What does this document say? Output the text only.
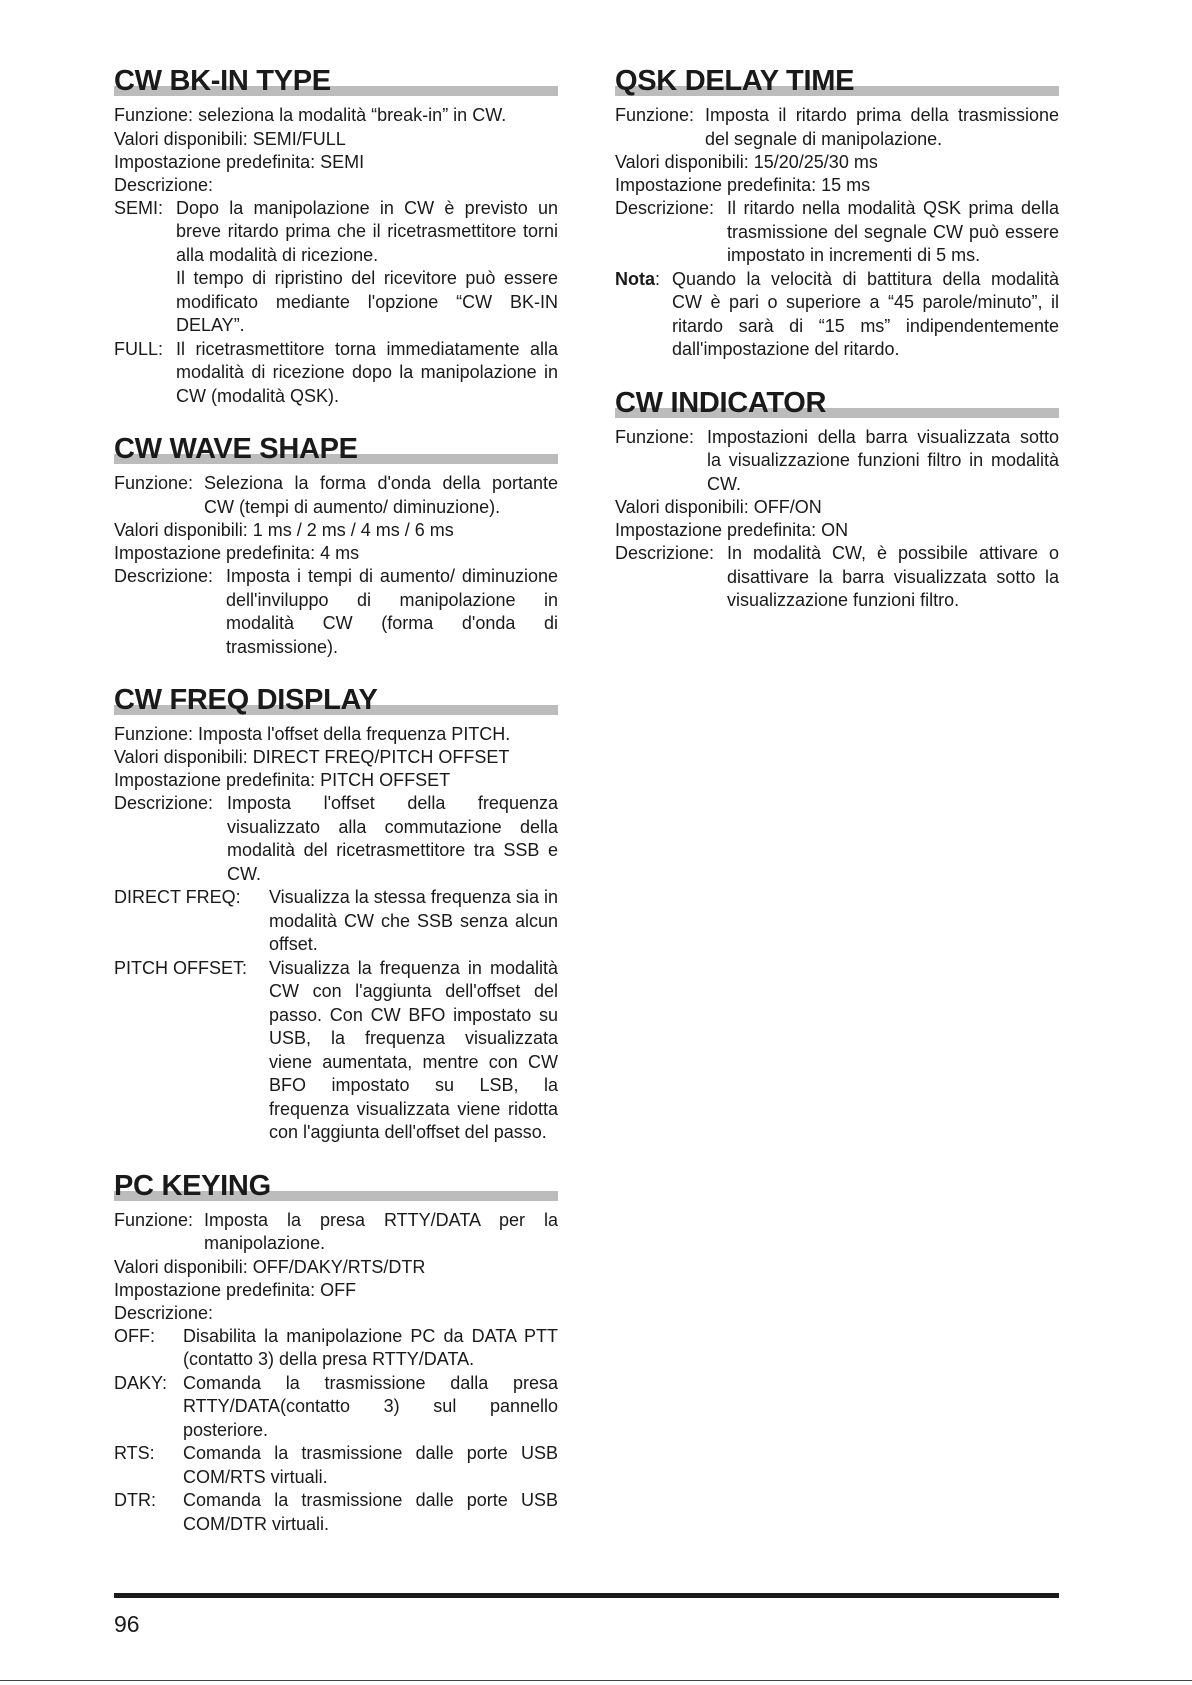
CW BK-IN TYPE
Funzione: seleziona la modalità “break-in” in CW.

Valori disponibili: SEMI/FULL

Impostazione predefinita: SEMI

Descrizione:

SEMI: Dopo la manipolazione in CW è previsto un breve ritardo prima che il ricetrasmettitore torni alla modalità di ricezione.
Il tempo di ripristino del ricevitore può essere modificato mediante l'opzione “CW BK-IN DELAY”.
FULL: Il ricetrasmettitore torna immediatamente alla modalità di ricezione dopo la manipolazione in CW (modalità QSK).
CW WAVE SHAPE
Funzione: Seleziona la forma d'onda della portante CW (tempi di aumento/ diminuzione).

Valori disponibili: 1 ms / 2 ms / 4 ms / 6 ms

Impostazione predefinita: 4 ms

Descrizione: Imposta i tempi di aumento/ diminuzione dell'inviluppo di manipolazione in modalità CW (forma d'onda di trasmissione).
CW FREQ DISPLAY

Funzione: Imposta l'offset della frequenza PITCH.

Valori disponibili: DIRECT FREQ/PITCH OFFSET

Impostazione predefinita: PITCH OFFSET

Descrizione: Imposta l'offset della frequenza visualizzato alla commutazione della modalità del ricetrasmettitore tra SSB e CW.
DIRECT FREQ:	Visualizza la stessa frequenza sia in modalità CW che SSB senza alcun offset.
PITCH OFFSET:	Visualizza la frequenza in modalità CW con l'aggiunta dell'offset del passo. Con CW BFO impostato su USB, la frequenza visualizzata viene aumentata, mentre con CW BFO impostato su LSB, la frequenza visualizzata viene ridotta con l'aggiunta dell'offset del passo.
PC KEYING
Funzione: Imposta la presa RTTY/DATA per la manipolazione.

Valori disponibili: OFF/DAKY/RTS/DTR

Impostazione predefinita: OFF

Descrizione:

OFF:	Disabilita la manipolazione PC da DATA PTT (contatto 3) della presa RTTY/DATA.
DAKY: Comanda la trasmissione dalla presa RTTY/DATA(contatto 3) sul pannello posteriore.
RTS:	Comanda la trasmissione dalle porte USB COM/RTS virtuali.
DTR:	Comanda la trasmissione dalle porte USB COM/DTR virtuali.
QSK DELAY TIME
Funzione: Imposta il ritardo prima della trasmissione del segnale di manipolazione.

Valori disponibili: 15/20/25/30 ms

Impostazione predefinita: 15 ms

Descrizione: Il ritardo nella modalità QSK prima della trasmissione del segnale CW può essere impostato in incrementi di 5 ms.
Nota: Quando la velocità di battitura della modalità CW è pari o superiore a “45 parole/minuto”, il ritardo sarà di “15 ms” indipendentemente dall'impostazione del ritardo.
CW INDICATOR
Funzione: Impostazioni della barra visualizzata sotto la visualizzazione funzioni filtro in modalità CW.

Valori disponibili: OFF/ON

Impostazione predefinita: ON

Descrizione: In modalità CW, è possibile attivare o disattivare la barra visualizzata sotto la visualizzazione funzioni filtro.
96
